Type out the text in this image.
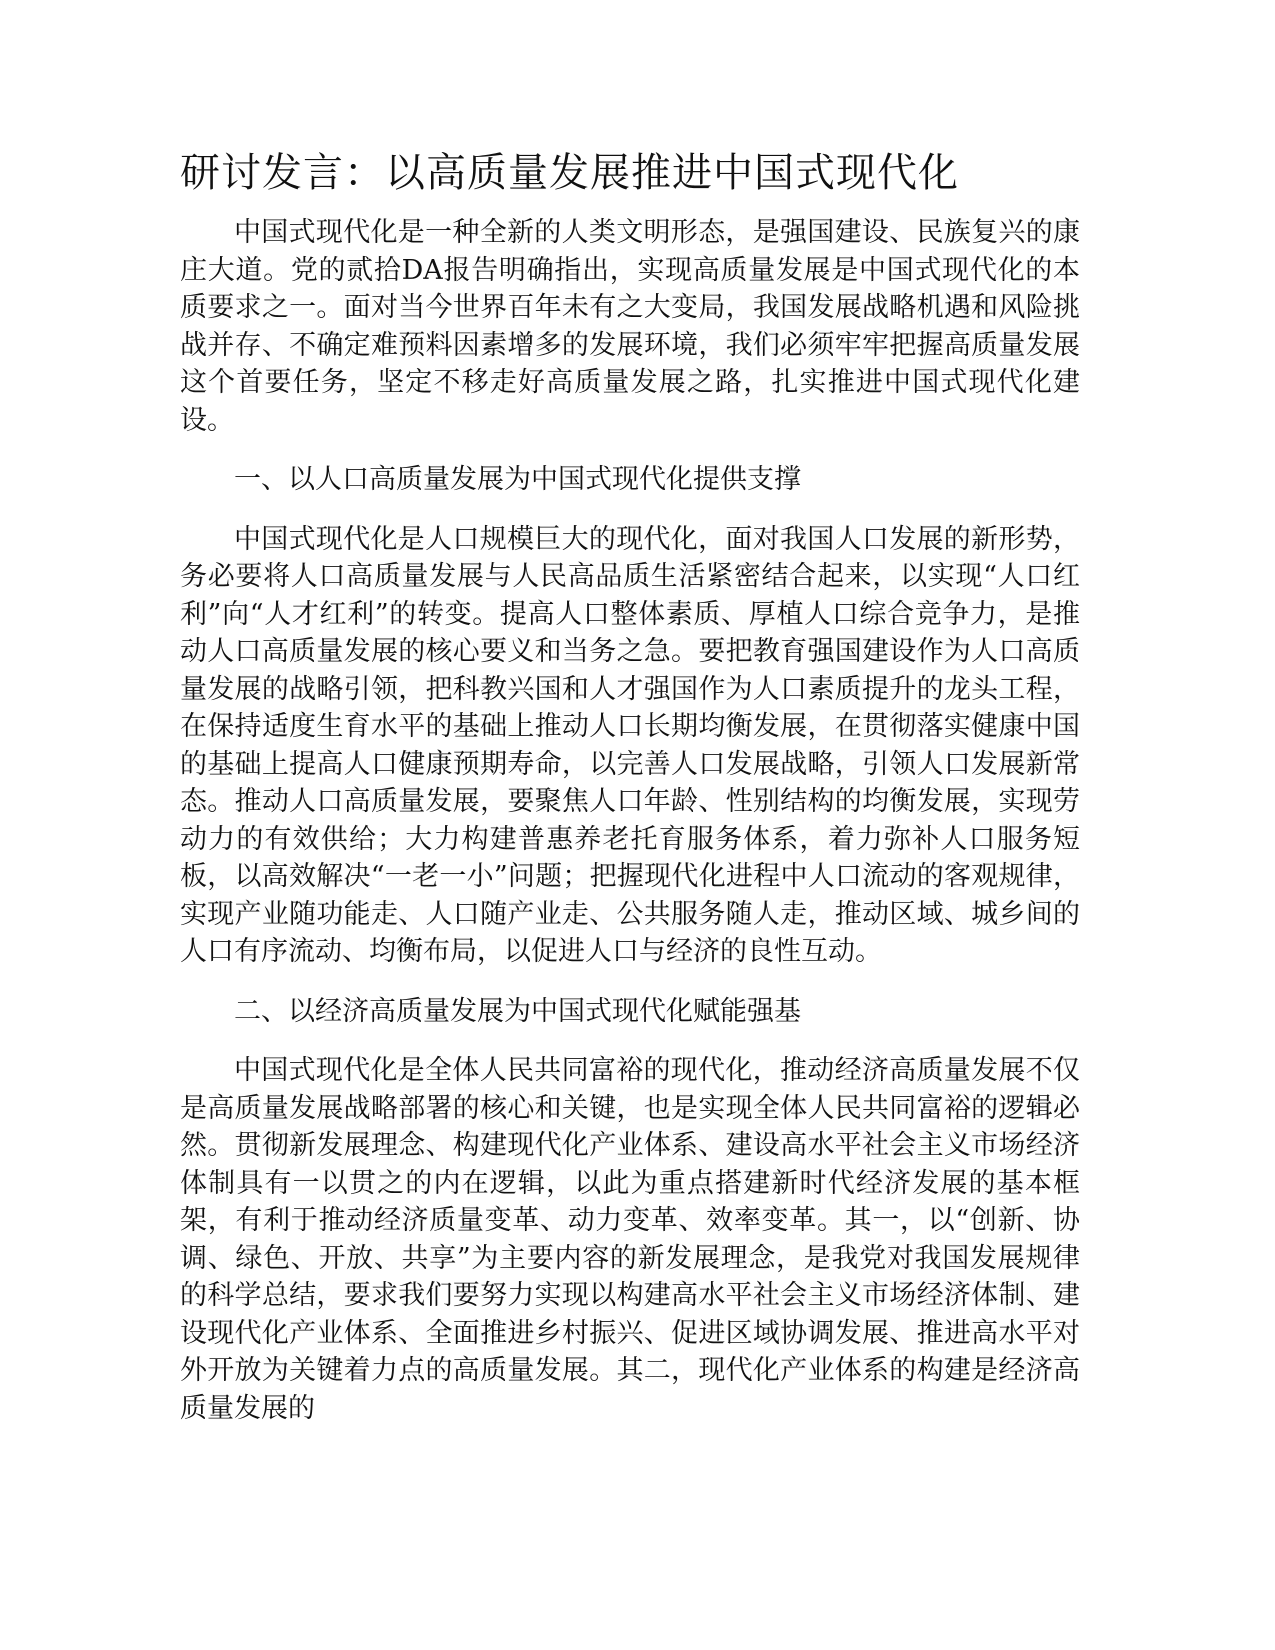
研讨发言：以高质量发展推进中国式现代化

中国式现代化是一种全新的人类文明形态，是强国建设、民族复兴的康庄大道。党的贰拾DA报告明确指出，实现高质量发展是中国式现代化的本质要求之一。面对当今世界百年未有之大变局，我国发展战略机遇和风险挑战并存、不确定难预料因素增多的发展环境，我们必须牢牢把握高质量发展这个首要任务，坚定不移走好高质量发展之路，扎实推进中国式现代化建设。

一、以人口高质量发展为中国式现代化提供支撑

中国式现代化是人口规模巨大的现代化，面对我国人口发展的新形势，务必要将人口高质量发展与人民高品质生活紧密结合起来，以实现“人口红利”向“人才红利”的转变。提高人口整体素质、厚植人口综合竞争力，是推动人口高质量发展的核心要义和当务之急。要把教育强国建设作为人口高质量发展的战略引领，把科教兴国和人才强国作为人口素质提升的龙头工程，在保持适度生育水平的基础上推动人口长期均衡发展，在贯彻落实健康中国的基础上提高人口健康预期寿命，以完善人口发展战略，引领人口发展新常态。推动人口高质量发展，要聚焦人口年龄、性别结构的均衡发展，实现劳动力的有效供给；大力构建普惠养老托育服务体系，着力弥补人口服务短板，以高效解决“一老一小”问题；把握现代化进程中人口流动的客观规律，实现产业随功能走、人口随产业走、公共服务随人走，推动区域、城乡间的人口有序流动、均衡布局，以促进人口与经济的良性互动。

二、以经济高质量发展为中国式现代化赋能强基

中国式现代化是全体人民共同富裕的现代化，推动经济高质量发展不仅是高质量发展战略部署的核心和关键，也是实现全体人民共同富裕的逻辑必然。贯彻新发展理念、构建现代化产业体系、建设高水平社会主义市场经济体制具有一以贯之的内在逻辑，以此为重点搭建新时代经济发展的基本框架，有利于推动经济质量变革、动力变革、效率变革。其一，以“创新、协调、绿色、开放、共享”为主要内容的新发展理念，是我党对我国发展规律的科学总结，要求我们要努力实现以构建高水平社会主义市场经济体制、建设现代化产业体系、全面推进乡村振兴、促进区域协调发展、推进高水平对外开放为关键着力点的高质量发展。其二，现代化产业体系的构建是经济高质量发展的
